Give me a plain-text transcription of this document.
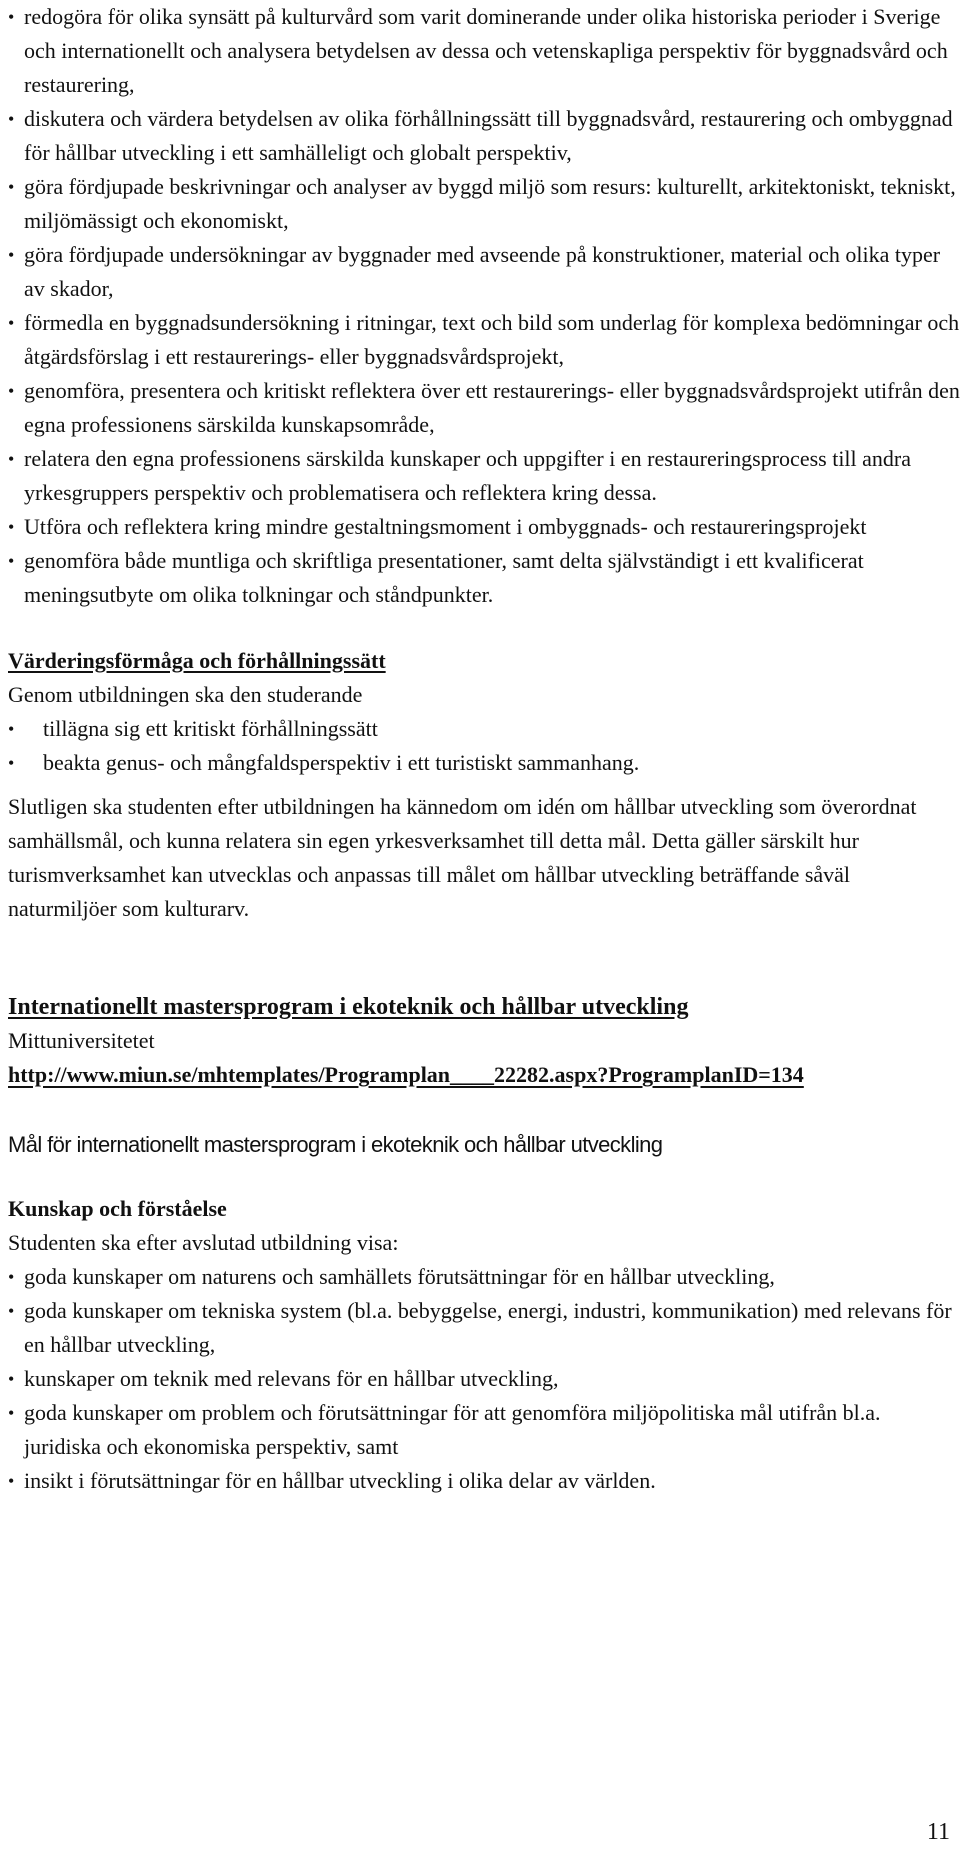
• redogöra för olika synsätt på kulturvård som varit dominerande under olika historiska perioder i Sverige och internationellt och analysera betydelsen av dessa och vetenskapliga perspektiv för byggnadsvård och restaurering,
• diskutera och värdera betydelsen av olika förhållningssätt till byggnadsvård, restaurering och ombyggnad för hållbar utveckling i ett samhälleligt och globalt perspektiv,
• göra fördjupade beskrivningar och analyser av byggd miljö som resurs: kulturellt, arkitektoniskt, tekniskt, miljömässigt och ekonomiskt,
• göra fördjupade undersökningar av byggnader med avseende på konstruktioner, material och olika typer av skador,
• förmedla en byggnadsundersökning i ritningar, text och bild som underlag för komplexa bedömningar och åtgärdsförslag i ett restaurerings- eller byggnadsvårdsprojekt,
• genomföra, presentera och kritiskt reflektera över ett restaurerings- eller byggnadsvårdsprojekt utifrån den egna professionens särskilda kunskapsområde,
• relatera den egna professionens särskilda kunskaper och uppgifter i en restaureringsprocess till andra yrkesgruppers perspektiv och problematisera och reflektera kring dessa.
• Utföra och reflektera kring mindre gestaltningsmoment i ombyggnads- och restaureringsprojekt
• genomföra både muntliga och skriftliga presentationer, samt delta självständigt i ett kvalificerat meningsutbyte om olika tolkningar och ståndpunkter.

Värderingsförmåga och förhållningssätt

Genom utbildningen ska den studerande

• tillägna sig ett kritiskt förhållningssätt
• beakta genus- och mångfaldsperspektiv i ett turistiskt sammanhang.

Slutligen ska studenten efter utbildningen ha kännedom om idén om hållbar utveckling som överordnat samhällsmål, och kunna relatera sin egen yrkesverksamhet till detta mål. Detta gäller särskilt hur turismverksamhet kan utvecklas och anpassas till målet om hållbar utveckling beträffande såväl naturmiljöer som kulturarv.

Internationellt mastersprogram i ekoteknik och hållbar utveckling

Mittuniversitetet

http://www.miun.se/mhtemplates/Programplan____22282.aspx?ProgramplanID=134

Mål för internationellt mastersprogram i ekoteknik och hållbar utveckling

Kunskap och förståelse

Studenten ska efter avslutad utbildning visa:

• goda kunskaper om naturens och samhällets förutsättningar för en hållbar utveckling,
• goda kunskaper om tekniska system (bl.a. bebyggelse, energi, industri, kommunikation) med relevans för en hållbar utveckling,
• kunskaper om teknik med relevans för en hållbar utveckling,
• goda kunskaper om problem och förutsättningar för att genomföra miljöpolitiska mål utifrån bl.a. juridiska och ekonomiska perspektiv, samt
• insikt i förutsättningar för en hållbar utveckling i olika delar av världen.
11
